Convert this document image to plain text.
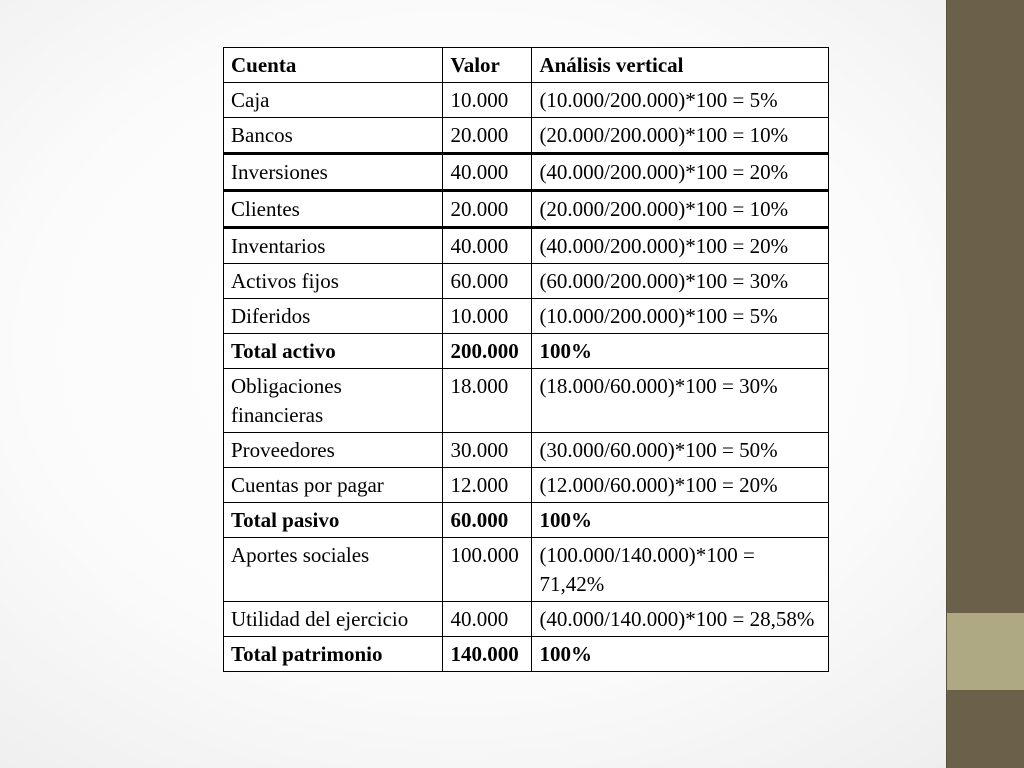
Cuenta	Valor	Análisis vertical
Caja	10.000	(10.000/200.000)*100 = 5%
Bancos	20.000	(20.000/200.000)*100 = 10%
Inversiones	40.000	(40.000/200.000)*100 = 20%
Clientes	20.000	(20.000/200.000)*100 = 10%
Inventarios	40.000	(40.000/200.000)*100 = 20%
Activos fijos	60.000	(60.000/200.000)*100 = 30%
Diferidos	10.000	(10.000/200.000)*100 = 5%
Total activo	200.000	100%
Obligaciones financieras	18.000	(18.000/60.000)*100 = 30%
Proveedores	30.000	(30.000/60.000)*100 = 50%
Cuentas por pagar	12.000	(12.000/60.000)*100 = 20%
Total pasivo	60.000	100%
Aportes sociales	100.000	(100.000/140.000)*100 = 71,42%
Utilidad del ejercicio	40.000	(40.000/140.000)*100 = 28,58%
Total patrimonio	140.000	100%
